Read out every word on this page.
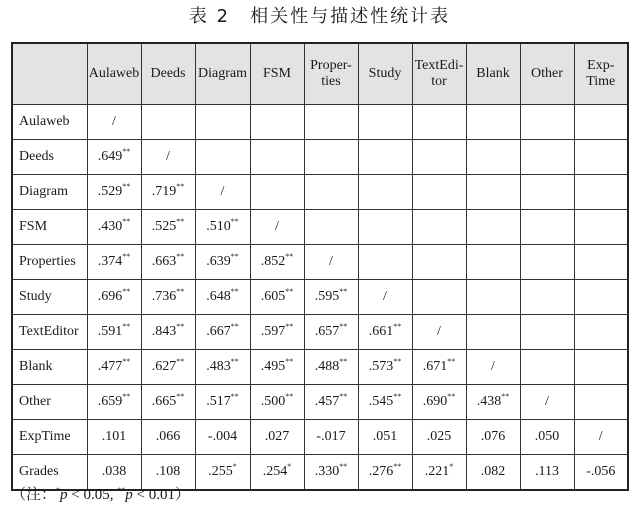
表 2　相关性与描述性统计表
	Aulaweb	Deeds	Diagram	FSM	Proper-ties	Study	TextEdi-tor	Blank	Other	Exp-Time
Aulaweb	/									
Deeds	.649**	/								
Diagram	.529**	.719**	/							
FSM	.430**	.525**	.510**	/						
Properties	.374**	.663**	.639**	.852**	/					
Study	.696**	.736**	.648**	.605**	.595**	/				
TextEditor	.591**	.843**	.667**	.597**	.657**	.661**	/			
Blank	.477**	.627**	.483**	.495**	.488**	.573**	.671**	/		
Other	.659**	.665**	.517**	.500**	.457**	.545**	.690**	.438**	/	
ExpTime	.101	.066	-.004	.027	-.017	.051	.025	.076	.050	/
Grades	.038	.108	.255*	.254*	.330**	.276**	.221*	.082	.113	-.056
（注：*p < 0.05, **p < 0.01）
